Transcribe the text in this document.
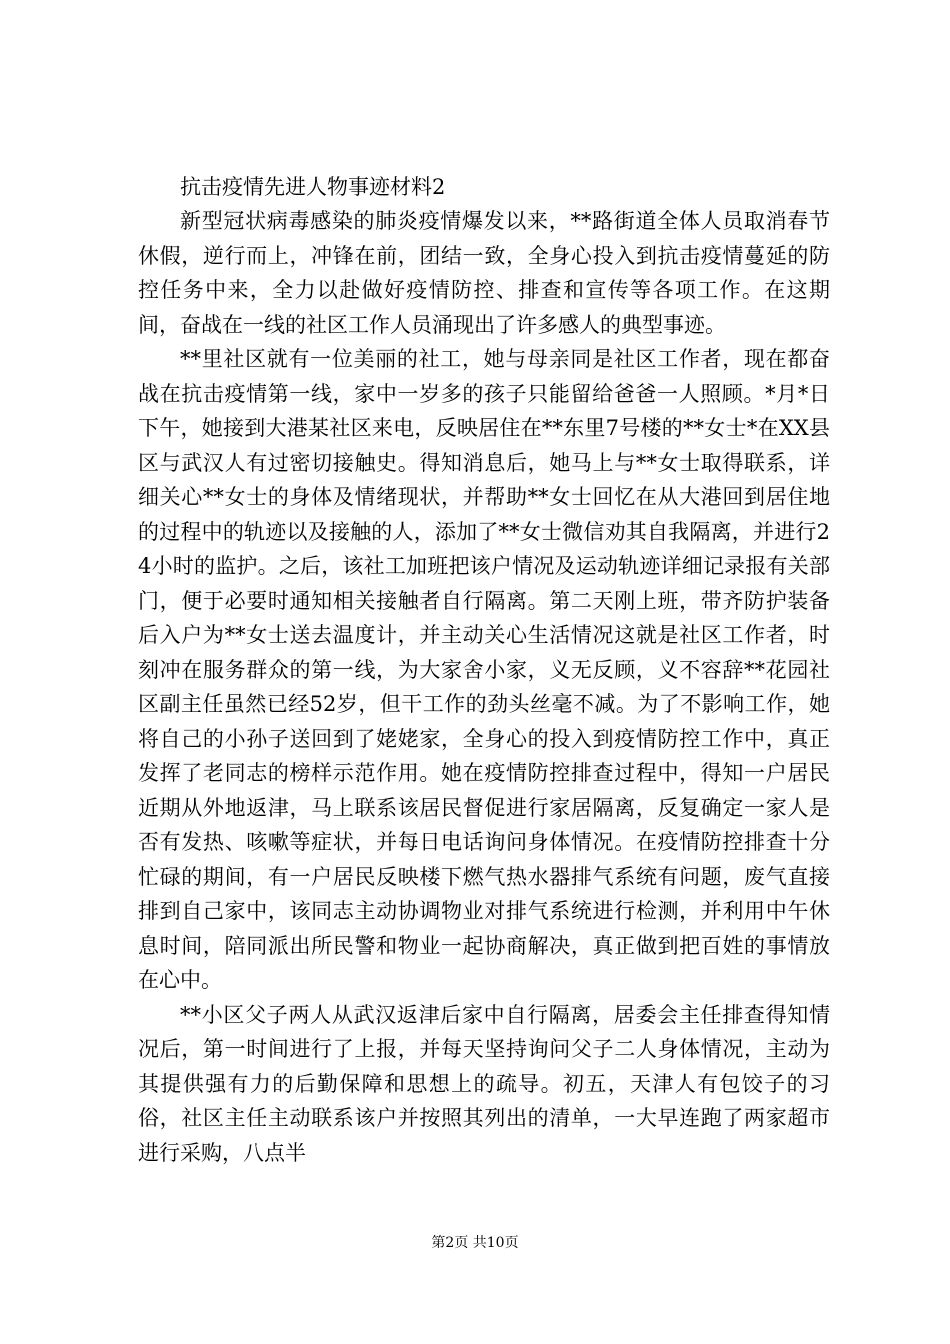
抗击疫情先进人物事迹材料2

新型冠状病毒感染的肺炎疫情爆发以来，**路街道全体人员取消春节休假，逆行而上，冲锋在前，团结一致，全身心投入到抗击疫情蔓延的防控任务中来，全力以赴做好疫情防控、排查和宣传等各项工作。在这期间，奋战在一线的社区工作人员涌现出了许多感人的典型事迹。

**里社区就有一位美丽的社工，她与母亲同是社区工作者，现在都奋战在抗击疫情第一线，家中一岁多的孩子只能留给爸爸一人照顾。*月*日下午，她接到大港某社区来电，反映居住在**东里7号楼的**女士*在XX县区与武汉人有过密切接触史。得知消息后，她马上与**女士取得联系，详细关心**女士的身体及情绪现状，并帮助**女士回忆在从大港回到居住地的过程中的轨迹以及接触的人，添加了**女士微信劝其自我隔离，并进行24小时的监护。之后，该社工加班把该户情况及运动轨迹详细记录报有关部门，便于必要时通知相关接触者自行隔离。第二天刚上班，带齐防护装备后入户为**女士送去温度计，并主动关心生活情况这就是社区工作者，时刻冲在服务群众的第一线，为大家舍小家，义无反顾，义不容辞**花园社区副主任虽然已经52岁，但干工作的劲头丝毫不减。为了不影响工作，她将自己的小孙子送回到了姥姥家，全身心的投入到疫情防控工作中，真正发挥了老同志的榜样示范作用。她在疫情防控排查过程中，得知一户居民近期从外地返津，马上联系该居民督促进行家居隔离，反复确定一家人是否有发热、咳嗽等症状，并每日电话询问身体情况。在疫情防控排查十分忙碌的期间，有一户居民反映楼下燃气热水器排气系统有问题，废气直接排到自己家中，该同志主动协调物业对排气系统进行检测，并利用中午休息时间，陪同派出所民警和物业一起协商解决，真正做到把百姓的事情放在心中。

**小区父子两人从武汉返津后家中自行隔离，居委会主任排查得知情况后，第一时间进行了上报，并每天坚持询问父子二人身体情况，主动为其提供强有力的后勤保障和思想上的疏导。初五，天津人有包饺子的习俗，社区主任主动联系该户并按照其列出的清单，一大早连跑了两家超市进行采购，八点半

第2页 共10页
